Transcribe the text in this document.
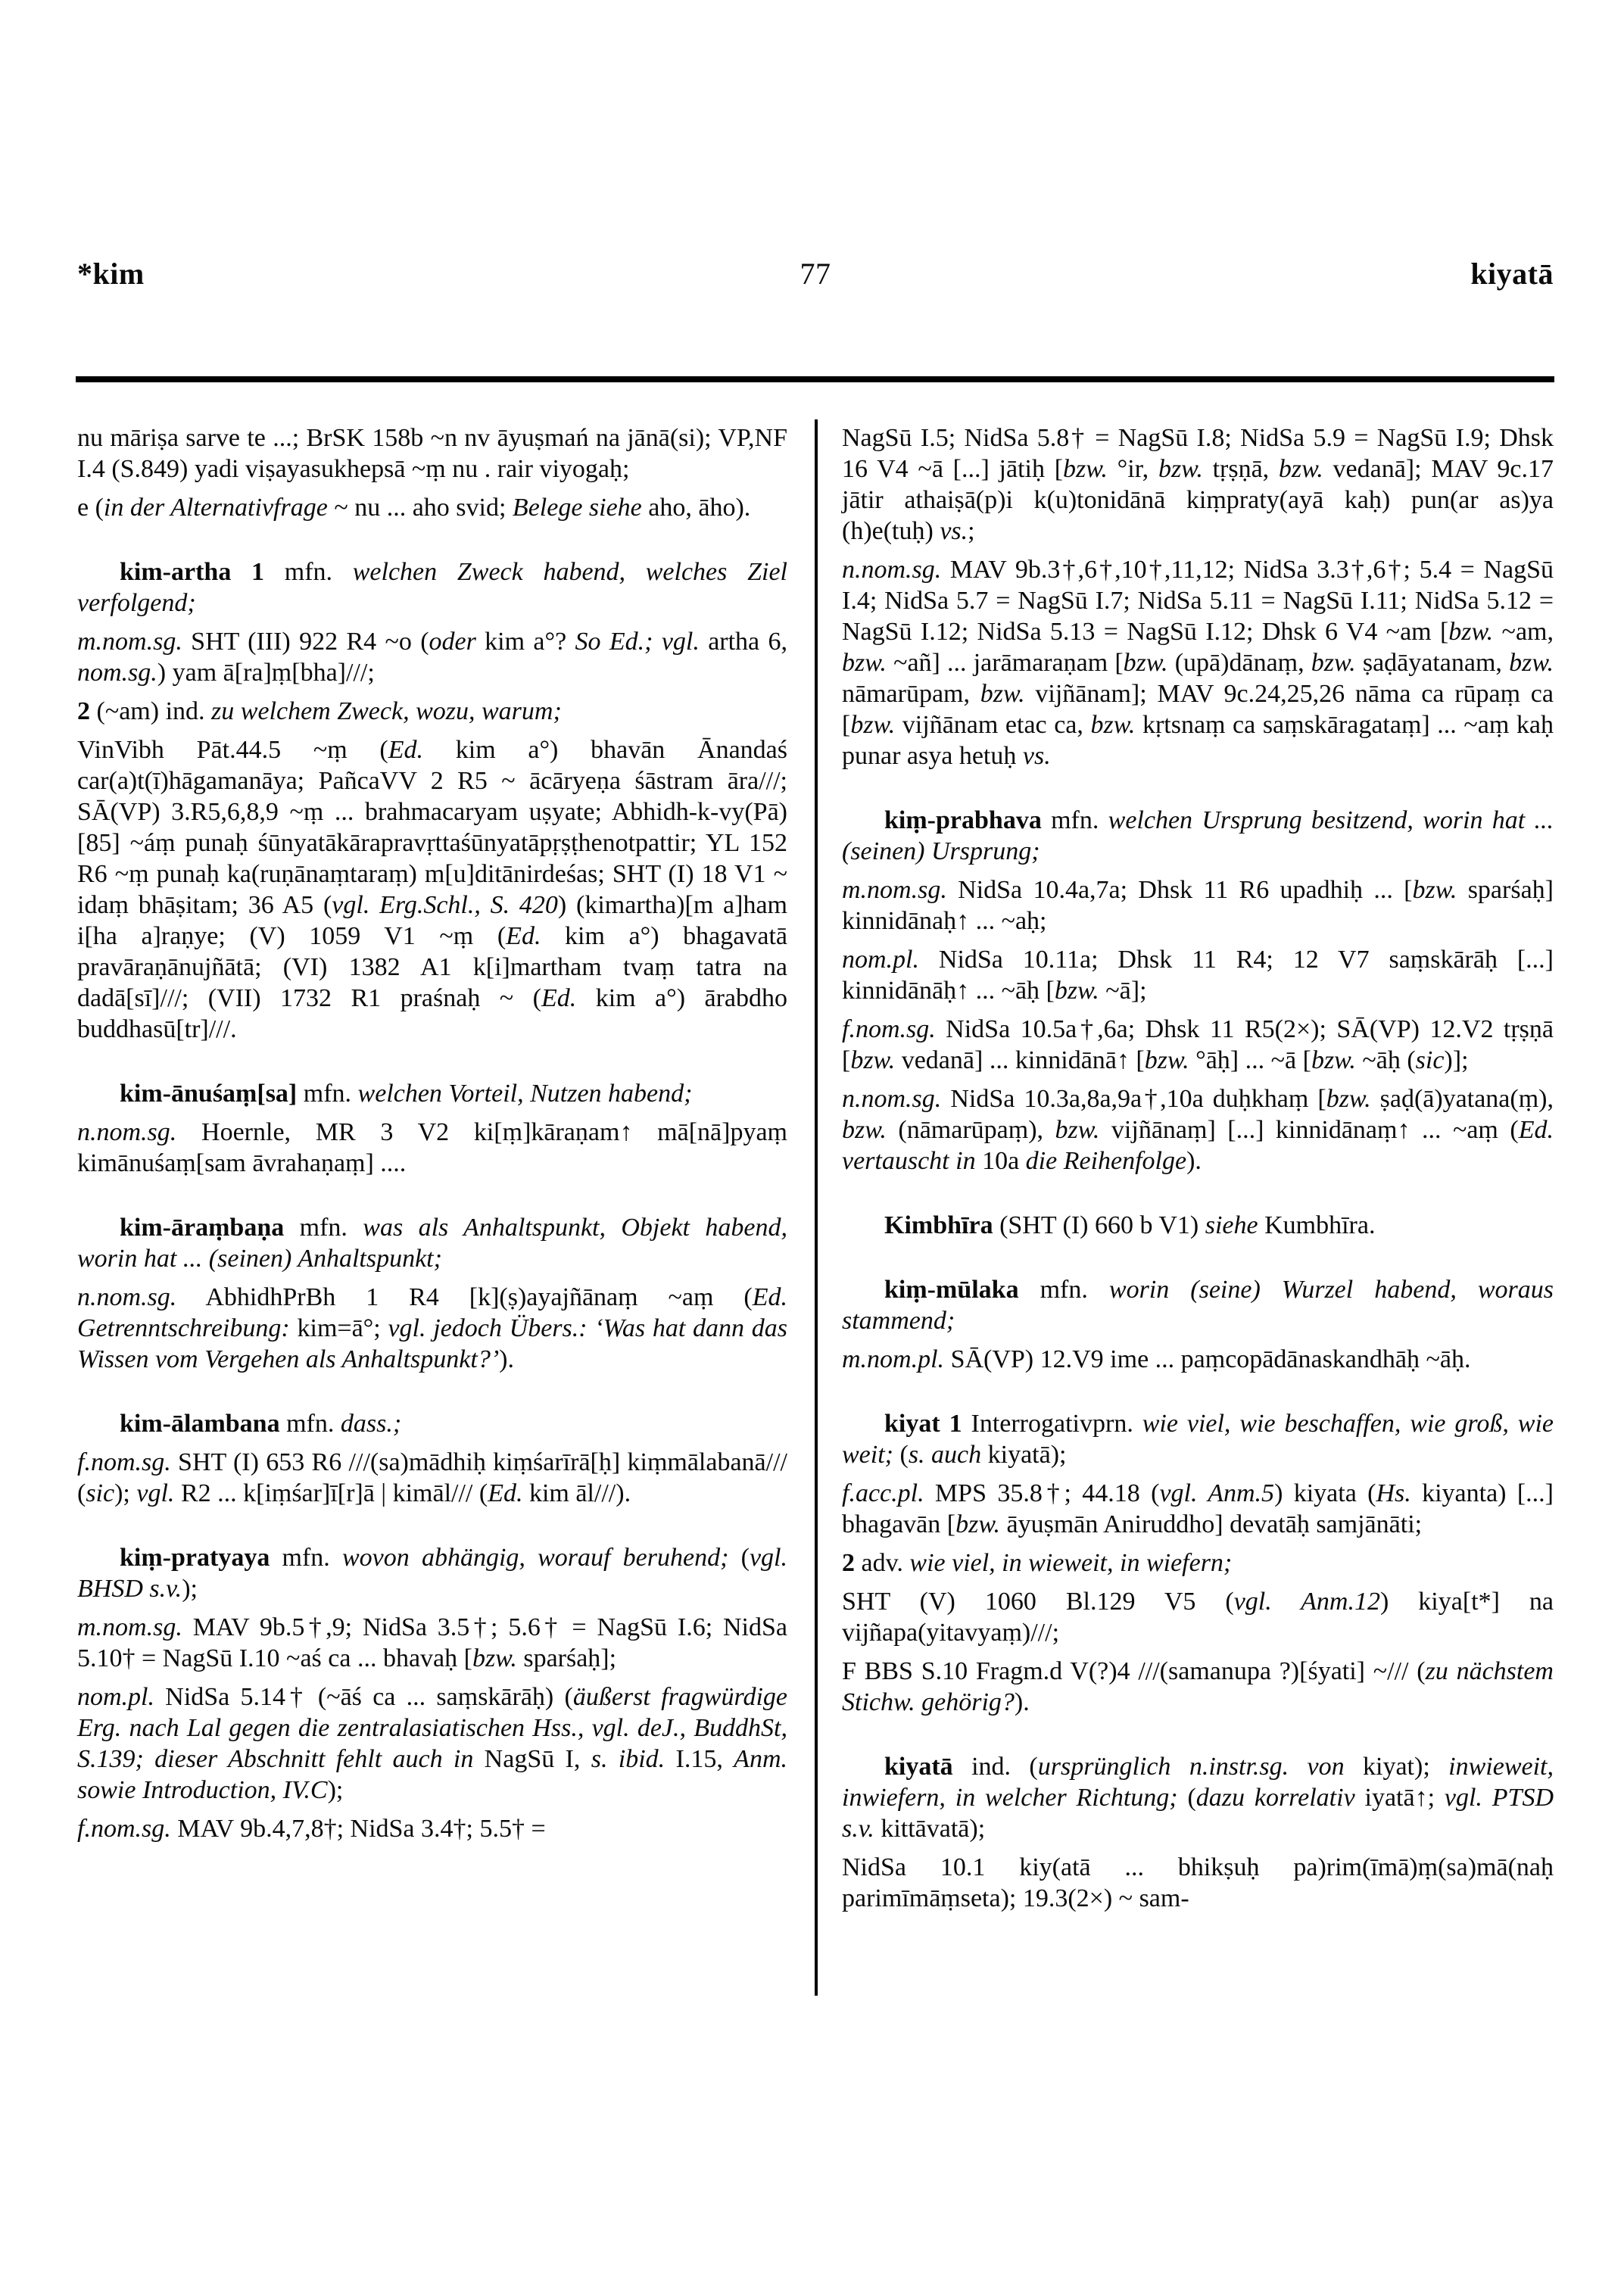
*kim	77	kiyatā

nu māriṣa sarve te ...; BrSK 158b ~n nv āyuṣmań na jānā(si); VP,NF I.4 (S.849) yadi viṣayasukhepsā ~ṃ nu . rair viyogaḥ;

e (in der Alternativfrage ~ nu ... aho svid; Belege siehe aho, āho).

kim-artha 1 mfn. welchen Zweck habend, welches Ziel verfolgend;

m.nom.sg. SHT (III) 922 R4 ~o (oder kim a°? So Ed.; vgl. artha 6, nom.sg.) yam ā[ra]ṃ[bha]///;

2 (~am) ind. zu welchem Zweck, wozu, warum;

VinVibh Pāt.44.5 ~ṃ (Ed. kim a°) bhavān Ānandaś car(a)t(ī)hāgamanāya; PañcaVV 2 R5 ~ ācāryeṇa śāstram āra///; SĀ(VP) 3.R5,6,8,9 ~ṃ ... brahmacaryam uṣyate; Abhidh-k-vy(Pā) [85] ~áṃ punaḥ śūnyatākārapravṛttaśūnyatāpṛṣṭhenotpattir; YL 152 R6 ~ṃ punaḥ ka(ruṇānaṃtaraṃ) m[u]ditānirdeśas; SHT (I) 18 V1 ~ idaṃ bhāṣitam; 36 A5 (vgl. Erg.Schl., S. 420) (kimartha)[m a]ham i[ha a]raṇye; (V) 1059 V1 ~ṃ (Ed. kim a°) bhagavatā pravāraṇānujñātā; (VI) 1382 A1 k[i]martham tvaṃ tatra na dadā[sī]///; (VII) 1732 R1 praśnaḥ ~ (Ed. kim a°) ārabdho buddhasū[tr]///.

kim-ānuśaṃ[sa] mfn. welchen Vorteil, Nutzen habend;

n.nom.sg. Hoernle, MR 3 V2 ki[ṃ]kāraṇam↑ mā[nā]pyaṃ kimānuśaṃ[sam āvrahaṇaṃ] ....

kim-āraṃbaṇa mfn. was als Anhaltspunkt, Objekt habend, worin hat ... (seinen) Anhaltspunkt;

n.nom.sg. AbhidhPrBh 1 R4 [k](ṣ)ayajñānaṃ ~aṃ (Ed. Getrenntschreibung: kim=ā°; vgl. jedoch Übers.: ‘Was hat dann das Wissen vom Vergehen als Anhaltspunkt?’).

kim-ālambana mfn. dass.;

f.nom.sg. SHT (I) 653 R6 ///(sa)mādhiḥ kiṃśarīrā[ḥ] kiṃmālabanā/// (sic); vgl. R2 ... k[iṃśar]ī[r]ā | kimāl/// (Ed. kim āl///).

kiṃ-pratyaya mfn. wovon abhängig, worauf beruhend; (vgl. BHSD s.v.);

m.nom.sg. MAV 9b.5†,9; NidSa 3.5†; 5.6† = NagSū I.6; NidSa 5.10† = NagSū I.10 ~aś ca ... bhavaḥ [bzw. sparśaḥ];

nom.pl. NidSa 5.14† (~āś ca ... saṃskārāḥ) (äußerst fragwürdige Erg. nach Lal gegen die zentralasiatischen Hss., vgl. deJ., BuddhSt, S.139; dieser Abschnitt fehlt auch in NagSū I, s. ibid. I.15, Anm. sowie Introduction, IV.C);

f.nom.sg. MAV 9b.4,7,8†; NidSa 3.4†; 5.5† =

NagSū I.5; NidSa 5.8† = NagSū I.8; NidSa 5.9 = NagSū I.9; Dhsk 16 V4 ~ā [...] jātiḥ [bzw. °ir, bzw. tṛṣṇā, bzw. vedanā]; MAV 9c.17 jātir athaiṣā(p)i k(u)tonidānā kiṃpraty(ayā kaḥ) pun(ar as)ya (h)e(tuḥ) vs.;

n.nom.sg. MAV 9b.3†,6†,10†,11,12; NidSa 3.3†,6†; 5.4 = NagSū I.4; NidSa 5.7 = NagSū I.7; NidSa 5.11 = NagSū I.11; NidSa 5.12 = NagSū I.12; NidSa 5.13 = NagSū I.12; Dhsk 6 V4 ~am [bzw. ~am, bzw. ~añ] ... jarāmaraṇam [bzw. (upā)dānaṃ, bzw. ṣaḍāyatanam, bzw. nāmarūpam, bzw. vijñānam]; MAV 9c.24,25,26 nāma ca rūpaṃ ca [bzw. vijñānam etac ca, bzw. kṛtsnaṃ ca saṃskāragataṃ] ... ~aṃ kaḥ punar asya hetuḥ vs.

kiṃ-prabhava mfn. welchen Ursprung besitzend, worin hat ... (seinen) Ursprung;

m.nom.sg. NidSa 10.4a,7a; Dhsk 11 R6 upadhiḥ ... [bzw. sparśaḥ] kinnidānaḥ↑ ... ~aḥ;

nom.pl. NidSa 10.11a; Dhsk 11 R4; 12 V7 saṃskārāḥ [...] kinnidānāḥ↑ ... ~āḥ [bzw. ~ā];

f.nom.sg. NidSa 10.5a†,6a; Dhsk 11 R5(2×); SĀ(VP) 12.V2 tṛṣṇā [bzw. vedanā] ... kinnidānā↑ [bzw. °āḥ] ... ~ā [bzw. ~āḥ (sic)];

n.nom.sg. NidSa 10.3a,8a,9a†,10a duḥkhaṃ [bzw. ṣaḍ(ā)yatana(ṃ), bzw. (nāmarūpaṃ), bzw. vijñānaṃ] [...] kinnidānaṃ↑ ... ~aṃ (Ed. vertauscht in 10a die Reihenfolge).

Kimbhīra (SHT (I) 660 b V1) siehe Kumbhīra.

kiṃ-mūlaka mfn. worin (seine) Wurzel habend, woraus stammend;

m.nom.pl. SĀ(VP) 12.V9 ime ... paṃcopādānaskandhāḥ ~āḥ.

kiyat 1 Interrogativprn. wie viel, wie beschaffen, wie groß, wie weit; (s. auch kiyatā);

f.acc.pl. MPS 35.8†; 44.18 (vgl. Anm.5) kiyata (Hs. kiyanta) [...] bhagavān [bzw. āyuṣmān Aniruddho] devatāḥ samjānāti;

2 adv. wie viel, in wieweit, in wiefern;

SHT (V) 1060 Bl.129 V5 (vgl. Anm.12) kiya[t*] na vijñapa(yitavyaṃ)///;

F BBS S.10 Fragm.d V(?)4 ///(samanupa ?)[śyati] ~/// (zu nächstem Stichw. gehörig?).

kiyatā ind. (ursprünglich n.instr.sg. von kiyat); inwieweit, inwiefern, in welcher Richtung; (dazu korrelativ iyatā↑; vgl. PTSD s.v. kittāvatā);

NidSa 10.1 kiy(atā ... bhikṣuḥ pa)rim(īmā)ṃ(sa)mā(naḥ parimīmāṃseta); 19.3(2×) ~ sam-
